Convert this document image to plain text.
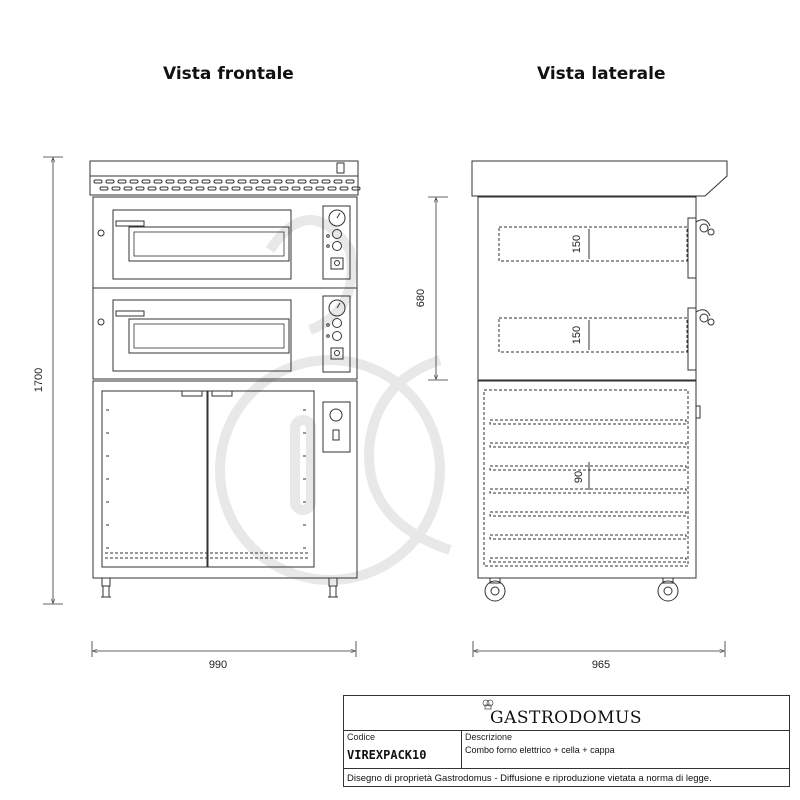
Vista frontale	Vista laterale
1700
990
680
150
150
90
965
GASTRODOMUS
Codice
VIREXPACK10
Descrizione
Combo forno elettrico + cella + cappa
Disegno di proprietà Gastrodomus - Diffusione e riproduzione vietata a norma di legge.
